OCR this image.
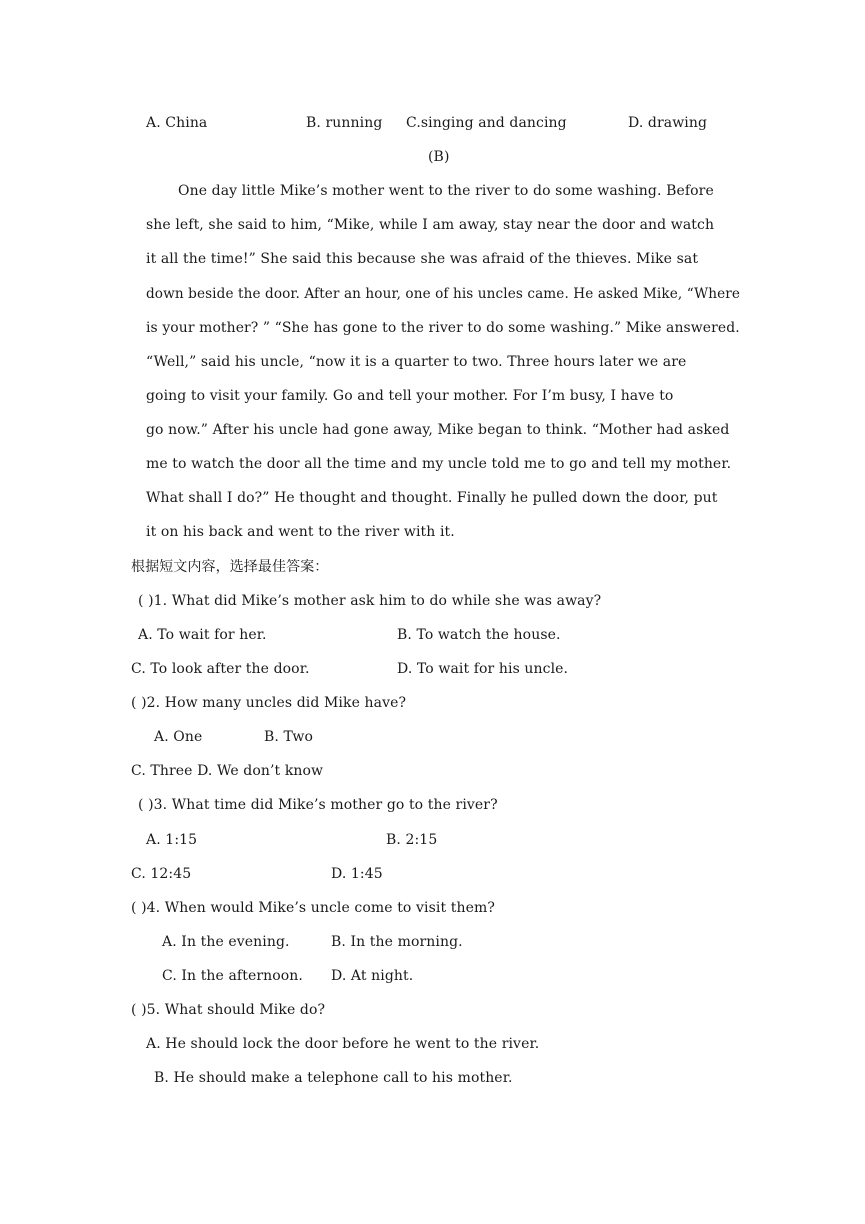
A. China	B. running C.singing and dancing	D. drawing
(B)
One day little Mike’s mother went to the river to do some washing. Before
she left, she said to him, “Mike, while I am away, stay near the door and watch
it all the time!” She said this because she was afraid of the thieves. Mike sat
down beside the door. After an hour, one of his uncles came. He asked Mike, “Where
is your mother? ” “She has gone to the river to do some washing.” Mike answered.
“Well,” said his uncle, “now it is a quarter to two. Three hours later we are
going to visit your family. Go and tell your mother. For I’m busy, I have to
go now.” After his uncle had gone away, Mike began to think. “Mother had asked
me to watch the door all the time and my uncle told me to go and tell my mother.
What shall I do?” He thought and thought. Finally he pulled down the door, put
it on his back and went to the river with it.
根据短文内容，选择最佳答案：
( )1. What did Mike’s mother ask him to do while she was away?
A. To wait for her.	B. To watch the house.
C. To look after the door.	D. To wait for his uncle.
( )2. How many uncles did Mike have?
A. One	B. Two
C. Three D. We don’t know
( )3. What time did Mike’s mother go to the river?
A. 1:15	B. 2:15
C. 12:45	D. 1:45
( )4. When would Mike’s uncle come to visit them?
A. In the evening.	B. In the morning.
C. In the afternoon. D. At night.
( )5. What should Mike do?
A. He should lock the door before he went to the river.
B. He should make a telephone call to his mother.
